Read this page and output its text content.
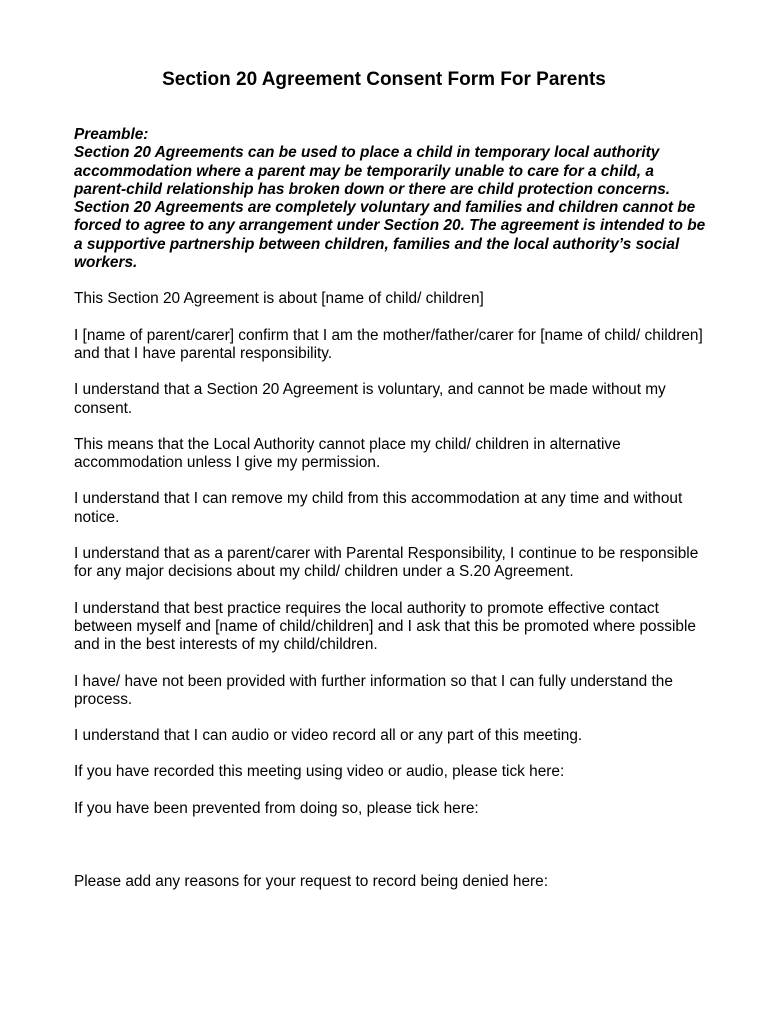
Section 20 Agreement Consent Form For Parents
Preamble:
Section 20 Agreements can be used to place a child in temporary local authority accommodation where a parent may be temporarily unable to care for a child, a parent-child relationship has broken down or there are child protection concerns. Section 20 Agreements are completely voluntary and families and children cannot be forced to agree to any arrangement under Section 20. The agreement is intended to be a supportive partnership between children, families and the local authority’s social workers.

This Section 20 Agreement is about [name of child/ children]

I [name of parent/carer] confirm that I am the mother/father/carer for [name of child/ children] and that I have parental responsibility.

I understand that a Section 20 Agreement is voluntary, and cannot be made without my consent.

This means that the Local Authority cannot place my child/ children in alternative accommodation unless I give my permission.

I understand that I can remove my child from this accommodation at any time and without notice.

I understand that as a parent/carer with Parental Responsibility, I continue to be responsible for any major decisions about my child/ children under a S.20 Agreement.

I understand that best practice requires the local authority to promote effective contact between myself and [name of child/children] and I ask that this be promoted where possible and in the best interests of my child/children.

I have/ have not been provided with further information so that I can fully understand the process.

I understand that I can audio or video record all or any part of this meeting.

If you have recorded this meeting using video or audio, please tick here:

If you have been prevented from doing so, please tick here:

Please add any reasons for your request to record being denied here:
